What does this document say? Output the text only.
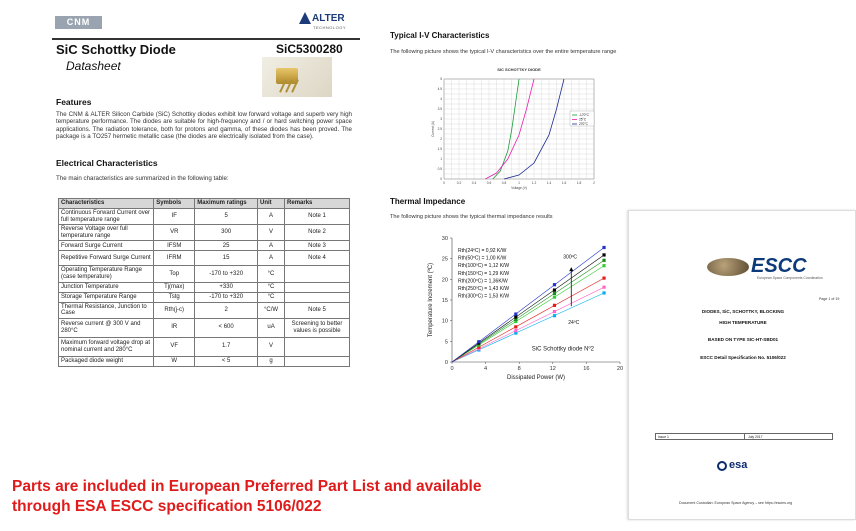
CNM	ALTER
TECHNOLOGY
SiC Schottky Diode	SiC5300280
Datasheet
Features
The CNM & ALTER Silicon Carbide (SiC) Schottky diodes exhibit low forward voltage and superb very high temperature performance. The diodes are suitable for high-frequency and / or hard switching power space applications. The radiation tolerance, both for protons and gamma, of these diodes has been proved. The package is a TO257 hermetic metallic case (the diodes are electrically isolated from the case).
Electrical Characteristics
The main characteristics are summarized in the following table:
Characteristics	Symbols	Maximum ratings	Unit	Remarks
Continuous Forward Current over full temperature range	IF	5	A	Note 1
Reverse Voltage over full temperature range	VR	300	V	Note 2
Forward Surge Current	IFSM	25	A	Note 3
Repetitive Forward Surge Current	IFRM	15	A	Note 4
Operating Temperature Range (case temperature)	Top	-170 to +320	°C	
Junction Temperature	Tj(max)	+330	°C	
Storage Temperature Range	Tstg	-170 to +320	°C	
Thermal Resistance, Junction to Case	Rth(j-c)	2	°C/W	Note 5
Reverse current @ 300 V and 280°C	IR	< 600	uA	Screening to better values is possible
Maximum forward voltage drop at nominal current and 280°C	VF	1.7	V	
Packaged diode weight	W	< 5	g	
Typical I-V Characteristics
The following picture shows the typical I-V characteristics over the entire temperature range
SIC SCHOTTKY DIODE
0	0.2	0.4	0.6	0.8	1	1.2	1.4	1.6	1.8	2
0
0.5
1
1.5
2
2.5
3
3.5
4
4.5
5
Voltage (V)
Current (A)
-170°C
25°C
270°C
Thermal Impedance
The following picture shows the typical thermal impedance results
0	4	8	12	16	20
0
5
10
15
20
25
30
Dissipated Power (W)
Temperature Increment (ºC)
Rth(24ºC) = 0,92 K/W
Rth(50ºC) = 1,00 K/W
Rth(100ºC) = 1,12 K/W
Rth(150ºC) = 1,29 K/W
Rth(200ºC) = 1,36K/W
Rth(250ºC) = 1,43 K/W
Rth(300ºC) = 1,53 K/W
300ºC
24ºC
SiC Schottky diode Nº2
ESCC
European Space Components Coordination
Page 1 of 19
DIODES, SiC, SCHOTTKY, BLOCKING
HIGH TEMPERATURE
BASED ON TYPE SIC-HT-SBD01
ESCC Detail Specification No. 5106/022
Issue 1	July 2017
esa
Document Custodian: European Space Agency – see https://escies.org
Parts are included in European Preferred Part List and available
through ESA ESCC specification 5106/022
